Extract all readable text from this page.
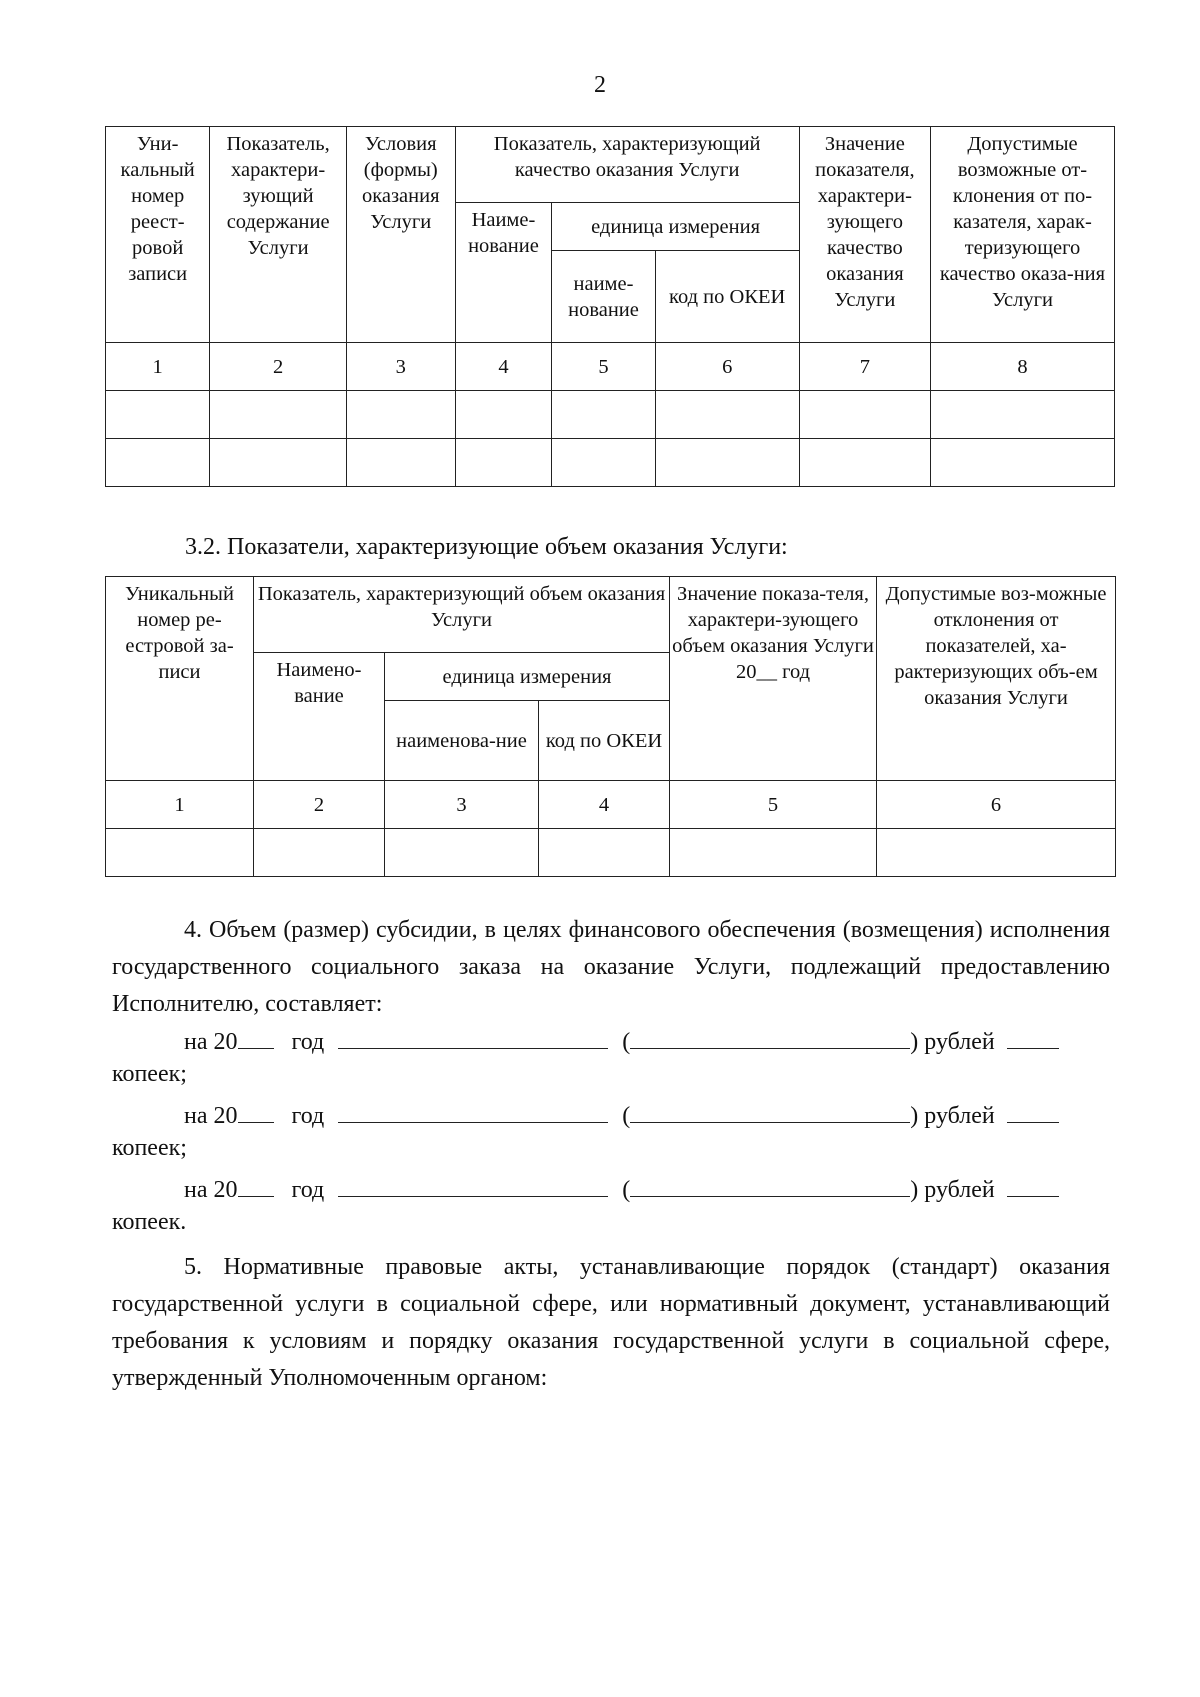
2
Уни-кальный номер реест-ровой записи	Показатель, характери-зующий содержание Услуги	Условия (формы) оказания Услуги	Показатель, характеризующий качество оказания Услуги			Значение показателя, характери-зующего качество оказания Услуги	Допустимые возможные от-клонения от по-казателя, харак-теризующего качество оказа-ния Услуги
			Наиме-нование	единица измерения			
				наиме-нование	код по ОКЕИ		
1	2	3	4	5	6	7	8

3.2. Показатели, характеризующие объем оказания Услуги:
Уникальный номер ре-естровой за-писи	Показатель, характеризующий объем оказания Услуги			Значение показа-теля, характери-зующего объем оказания Услуги 20__ год	Допустимые воз-можные отклонения от показателей, ха-рактеризующих объ-ем оказания Услуги
	Наимено-вание	единица измерения			
		наименова-ние	код по ОКЕИ		
1	2	3	4	5	6

4. Объем (размер) субсидии, в целях финансового обеспечения (возмещения) исполнения государственного социального заказа на оказание Услуги, подлежащий предоставлению Исполнителю, составляет:
на 20 год	(	) рублей
копеек;
на 20 год	(	) рублей
копеек;
на 20 год	(	) рублей
копеек.
5. Нормативные правовые акты, устанавливающие порядок (стандарт) оказания государственной услуги в социальной сфере, или нормативный документ, устанавливающий требования к условиям и порядку оказания государственной услуги в социальной сфере, утвержденный Уполномоченным органом:
